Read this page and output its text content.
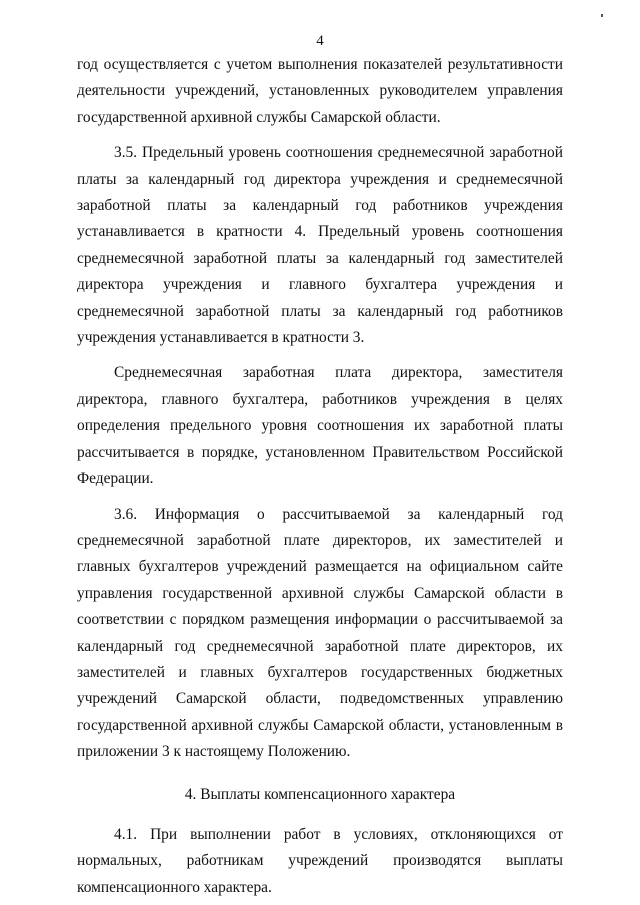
4

год осуществляется с учетом выполнения показателей результативности деятельности учреждений, установленных руководителем управления государственной архивной службы Самарской области.

3.5. Предельный уровень соотношения среднемесячной заработной платы за календарный год директора учреждения и среднемесячной заработной платы за календарный год работников учреждения устанавливается в кратности 4. Предельный уровень соотношения среднемесячной заработной платы за календарный год заместителей директора учреждения и главного бухгалтера учреждения и среднемесячной заработной платы за календарный год работников учреждения устанавливается в кратности 3.

Среднемесячная заработная плата директора, заместителя директора, главного бухгалтера, работников учреждения в целях определения предельного уровня соотношения их заработной платы рассчитывается в порядке, установленном Правительством Российской Федерации.

3.6. Информация о рассчитываемой за календарный год среднемесячной заработной плате директоров, их заместителей и главных бухгалтеров учреждений размещается на официальном сайте управления государственной архивной службы Самарской области в соответствии с порядком размещения информации о рассчитываемой за календарный год среднемесячной заработной плате директоров, их заместителей и главных бухгалтеров государственных бюджетных учреждений Самарской области, подведомственных управлению государственной архивной службы Самарской области, установленным в приложении 3 к настоящему Положению.

4. Выплаты компенсационного характера

4.1. При выполнении работ в условиях, отклоняющихся от нормальных, работникам учреждений производятся выплаты компенсационного характера.
